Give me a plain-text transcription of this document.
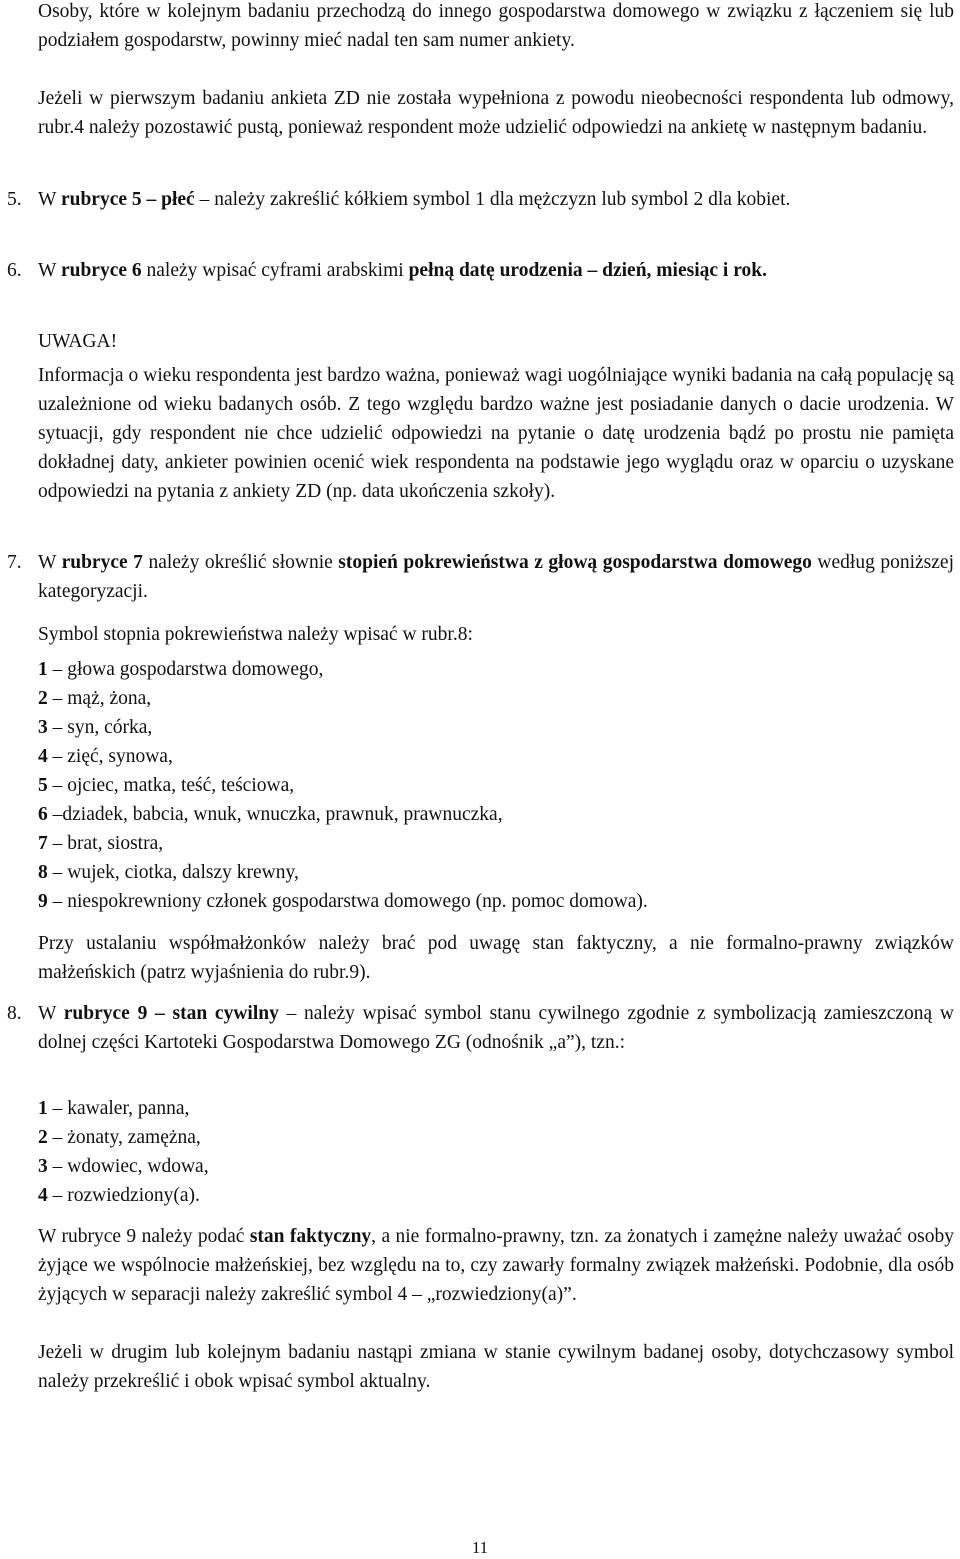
Osoby, które w kolejnym badaniu przechodzą do innego gospodarstwa domowego w związku z łączeniem się lub podziałem gospodarstw, powinny mieć nadal ten sam numer ankiety.

Jeżeli w pierwszym badaniu ankieta ZD nie została wypełniona z powodu nieobecności respondenta lub odmowy, rubr.4 należy pozostawić pustą, ponieważ respondent może udzielić odpowiedzi na ankietę w następnym badaniu.

5. W rubryce 5 – płeć – należy zakreślić kółkiem symbol 1 dla mężczyzn lub symbol 2 dla kobiet.
6. W rubryce 6 należy wpisać cyframi arabskimi pełną datę urodzenia – dzień, miesiąc i rok.
UWAGA!

Informacja o wieku respondenta jest bardzo ważna, ponieważ wagi uogólniające wyniki badania na całą populację są uzależnione od wieku badanych osób. Z tego względu bardzo ważne jest posiadanie danych o dacie urodzenia. W sytuacji, gdy respondent nie chce udzielić odpowiedzi na pytanie o datę urodzenia bądź po prostu nie pamięta dokładnej daty, ankieter powinien ocenić wiek respondenta na podstawie jego wyglądu oraz w oparciu o uzyskane odpowiedzi na pytania z ankiety ZD (np. data ukończenia szkoły).

7. W rubryce 7 należy określić słownie stopień pokrewieństwa z głową gospodarstwa domowego według poniższej kategoryzacji.
Symbol stopnia pokrewieństwa należy wpisać w rubr.8:
1 – głowa gospodarstwa domowego,
2 – mąż, żona,
3 – syn, córka,
4 – zięć, synowa,
5 – ojciec, matka, teść, teściowa,
6 –dziadek, babcia, wnuk, wnuczka, prawnuk, prawnuczka,
7 – brat, siostra,
8 – wujek, ciotka, dalszy krewny,
9 – niespokrewniony członek gospodarstwa domowego (np. pomoc domowa).

Przy ustalaniu współmałżonków należy brać pod uwagę stan faktyczny, a nie formalno-prawny związków małżeńskich (patrz wyjaśnienia do rubr.9).

8. W rubryce 9 – stan cywilny – należy wpisać symbol stanu cywilnego zgodnie z symbolizacją zamieszczoną w dolnej części Kartoteki Gospodarstwa Domowego ZG (odnośnik „a”), tzn.:
1 – kawaler, panna,
2 – żonaty, zamężna,
3 – wdowiec, wdowa,
4 – rozwiedziony(a).

W rubryce 9 należy podać stan faktyczny, a nie formalno-prawny, tzn. za żonatych i zamężne należy uważać osoby żyjące we wspólnocie małżeńskiej, bez względu na to, czy zawarły formalny związek małżeński. Podobnie, dla osób żyjących w separacji należy zakreślić symbol 4 – „rozwiedziony(a)”.

Jeżeli w drugim lub kolejnym badaniu nastąpi zmiana w stanie cywilnym badanej osoby, dotychczasowy symbol należy przekreślić i obok wpisać symbol aktualny.

11
